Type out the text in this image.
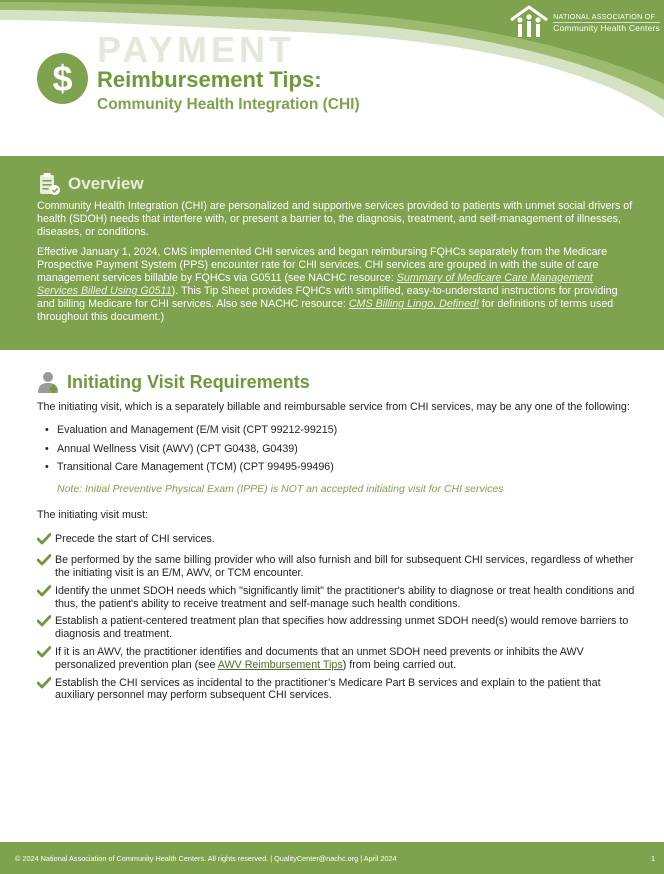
NATIONAL ASSOCIATION OF
Community Health Centers
$
PAYMENT
Reimbursement Tips:
Community Health Integration (CHI)
Overview

Community Health Integration (CHI) are personalized and supportive services provided to patients with unmet social drivers of health (SDOH) needs that interfere with, or present a barrier to, the diagnosis, treatment, and self-management of illnesses, diseases, or conditions.

Effective January 1, 2024, CMS implemented CHI services and began reimbursing FQHCs separately from the Medicare Prospective Payment System (PPS) encounter rate for CHI services. CHI services are grouped in with the suite of care management services billable by FQHCs via G0511 (see NACHC resource: Summary of Medicare Care Management Services Billed Using G0511). This Tip Sheet provides FQHCs with simplified, easy-to-understand instructions for providing and billing Medicare for CHI services. Also see NACHC resource: CMS Billing Lingo, Defined! for definitions of terms used throughout this document.)

Initiating Visit Requirements

The initiating visit, which is a separately billable and reimbursable service from CHI services, may be any one of the following:

• Evaluation and Management (E/M visit (CPT 99212-99215)
• Annual Wellness Visit (AWV) (CPT G0438, G0439)
• Transitional Care Management (TCM) (CPT 99495-99496)
Note: Initial Preventive Physical Exam (IPPE) is NOT an accepted initiating visit for CHI services

The initiating visit must:

Precede the start of CHI services.
Be performed by the same billing provider who will also furnish and bill for subsequent CHI services, regardless of whether the initiating visit is an E/M, AWV, or TCM encounter.
Identify the unmet SDOH needs which "significantly limit" the practitioner's ability to diagnose or treat health conditions and thus, the patient's ability to receive treatment and self-manage such health conditions.
Establish a patient-centered treatment plan that specifies how addressing unmet SDOH need(s) would remove barriers to diagnosis and treatment.
If it is an AWV, the practitioner identifies and documents that an unmet SDOH need prevents or inhibits the AWV personalized prevention plan (see AWV Reimbursement Tips) from being carried out.
Establish the CHI services as incidental to the practitioner’s Medicare Part B services and explain to the patient that auxiliary personnel may perform subsequent CHI services.
© 2024 National Association of Community Health Centers. All rights reserved. | QualityCenter@nachc.org | April 2024	1
